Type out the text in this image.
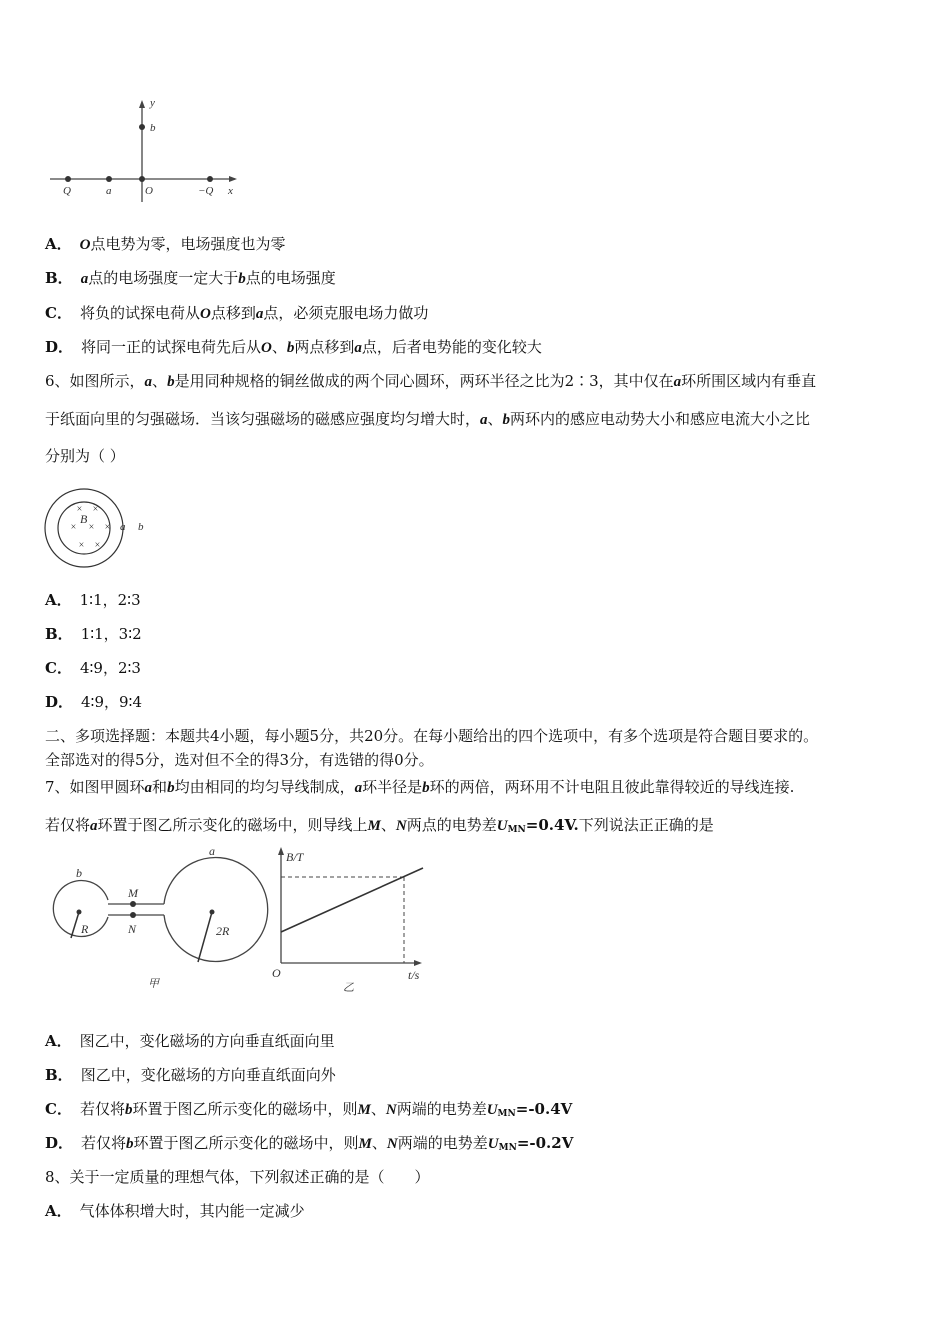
y
b
Q	a	O	−Q x
A． O点电势为零，电场强度也为零
B． a点的电场强度一定大于b点的电场强度
C． 将负的试探电荷从O点移到a点，必须克服电场力做功
D． 将同一正的试探电荷先后从O、b两点移到a点，后者电势能的变化较大
6、如图所示，a、b是用同种规格的铜丝做成的两个同心圆环，两环半径之比为2∶3，其中仅在a环所围区域内有垂直
于纸面向里的匀强磁场．当该匀强磁场的磁感应强度均匀增大时，a、b两环内的感应电动势大小和感应电流大小之比
分别为（ ）
× ×
× × ×
× ×
B
a b
A． 1∶1，2∶3
B． 1∶1，3∶2
C． 4∶9，2∶3
D． 4∶9，9∶4
二、多项选择题：本题共4小题，每小题5分，共20分。在每小题给出的四个选项中，有多个选项是符合题目要求的。
全部选对的得5分，选对但不全的得3分，有选错的得0分。
7、如图甲圆环a和b均由相同的均匀导线制成，a环半径是b环的两倍，两环用不计电阻且彼此靠得较近的导线连接.
若仅将a环置于图乙所示变化的磁场中，则导线上M、N两点的电势差$U_{MN}=0.4V$.下列说法正正确的是
b
a
M
N
R	2R
甲
B/T
t/s
O
乙
A． 图乙中，变化磁场的方向垂直纸面向里
B． 图乙中，变化磁场的方向垂直纸面向外
C． 若仅将b环置于图乙所示变化的磁场中，则M、N两端的电势差$U_{MN}=-0.4V$
D． 若仅将b环置于图乙所示变化的磁场中，则M、N两端的电势差$U_{MN}=-0.2V$
8、关于一定质量的理想气体，下列叙述正确的是（　　）
A． 气体体积增大时，其内能一定减少
